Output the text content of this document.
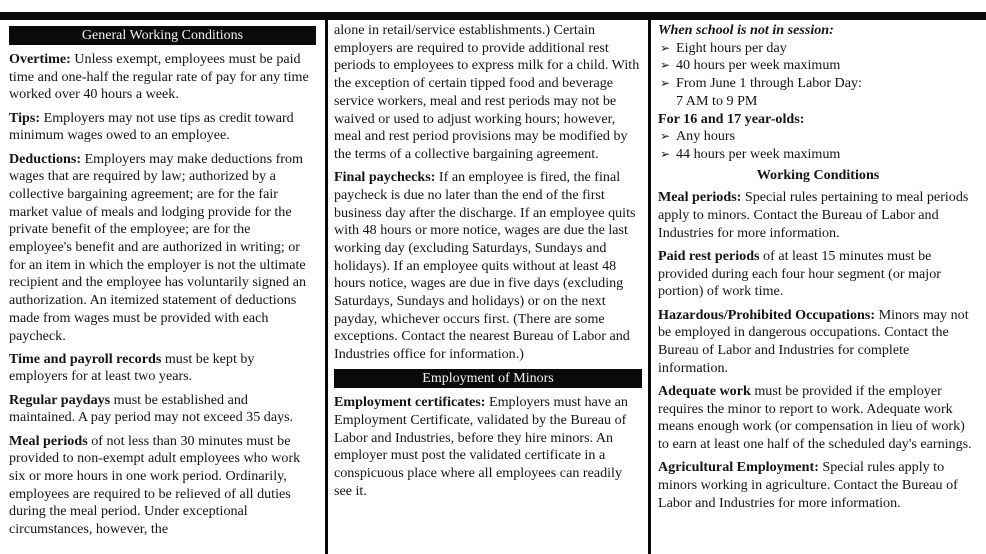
General Working Conditions

Overtime: Unless exempt, employees must be paid time and one-half the regular rate of pay for any time worked over 40 hours a week.

Tips: Employers may not use tips as credit toward minimum wages owed to an employee.

Deductions: Employers may make deductions from wages that are required by law; authorized by a collective bargaining agreement; are for the fair market value of meals and lodging provide for the private benefit of the employee; are for the employee's benefit and are authorized in writing; or for an item in which the employer is not the ultimate recipient and the employee has voluntarily signed an authorization. An itemized statement of deductions made from wages must be provided with each paycheck.

Time and payroll records must be kept by employers for at least two years.

Regular paydays must be established and maintained. A pay period may not exceed 35 days.

Meal periods of not less than 30 minutes must be provided to non-exempt adult employees who work six or more hours in one work period. Ordinarily, employees are required to be relieved of all duties during the meal period. Under exceptional circumstances, however, the

alone in retail/service establishments.) Certain employers are required to provide additional rest periods to employees to express milk for a child. With the exception of certain tipped food and beverage service workers, meal and rest periods may not be waived or used to adjust working hours; however, meal and rest period provisions may be modified by the terms of a collective bargaining agreement.

Final paychecks: If an employee is fired, the final paycheck is due no later than the end of the first business day after the discharge. If an employee quits with 48 hours or more notice, wages are due the last working day (excluding Saturdays, Sundays and holidays). If an employee quits without at least 48 hours notice, wages are due in five days (excluding Saturdays, Sundays and holidays) or on the next payday, whichever occurs first. (There are some exceptions. Contact the nearest Bureau of Labor and Industries office for information.)

Employment of Minors

Employment certificates: Employers must have an Employment Certificate, validated by the Bureau of Labor and Industries, before they hire minors. An employer must post the validated certificate in a conspicuous place where all employees can readily see it.

When school is not in session:
➢ Eight hours per day
➢ 40 hours per week maximum
➢ From June 1 through Labor Day:
7 AM to 9 PM
For 16 and 17 year-olds:
➢ Any hours
➢ 44 hours per week maximum
Working Conditions

Meal periods: Special rules pertaining to meal periods apply to minors. Contact the Bureau of Labor and Industries for more information.

Paid rest periods of at least 15 minutes must be provided during each four hour segment (or major portion) of work time.

Hazardous/Prohibited Occupations: Minors may not be employed in dangerous occupations. Contact the Bureau of Labor and Industries for complete information.

Adequate work must be provided if the employer requires the minor to report to work. Adequate work means enough work (or compensation in lieu of work) to earn at least one half of the scheduled day's earnings.

Agricultural Employment: Special rules apply to minors working in agriculture. Contact the Bureau of Labor and Industries for more information.
